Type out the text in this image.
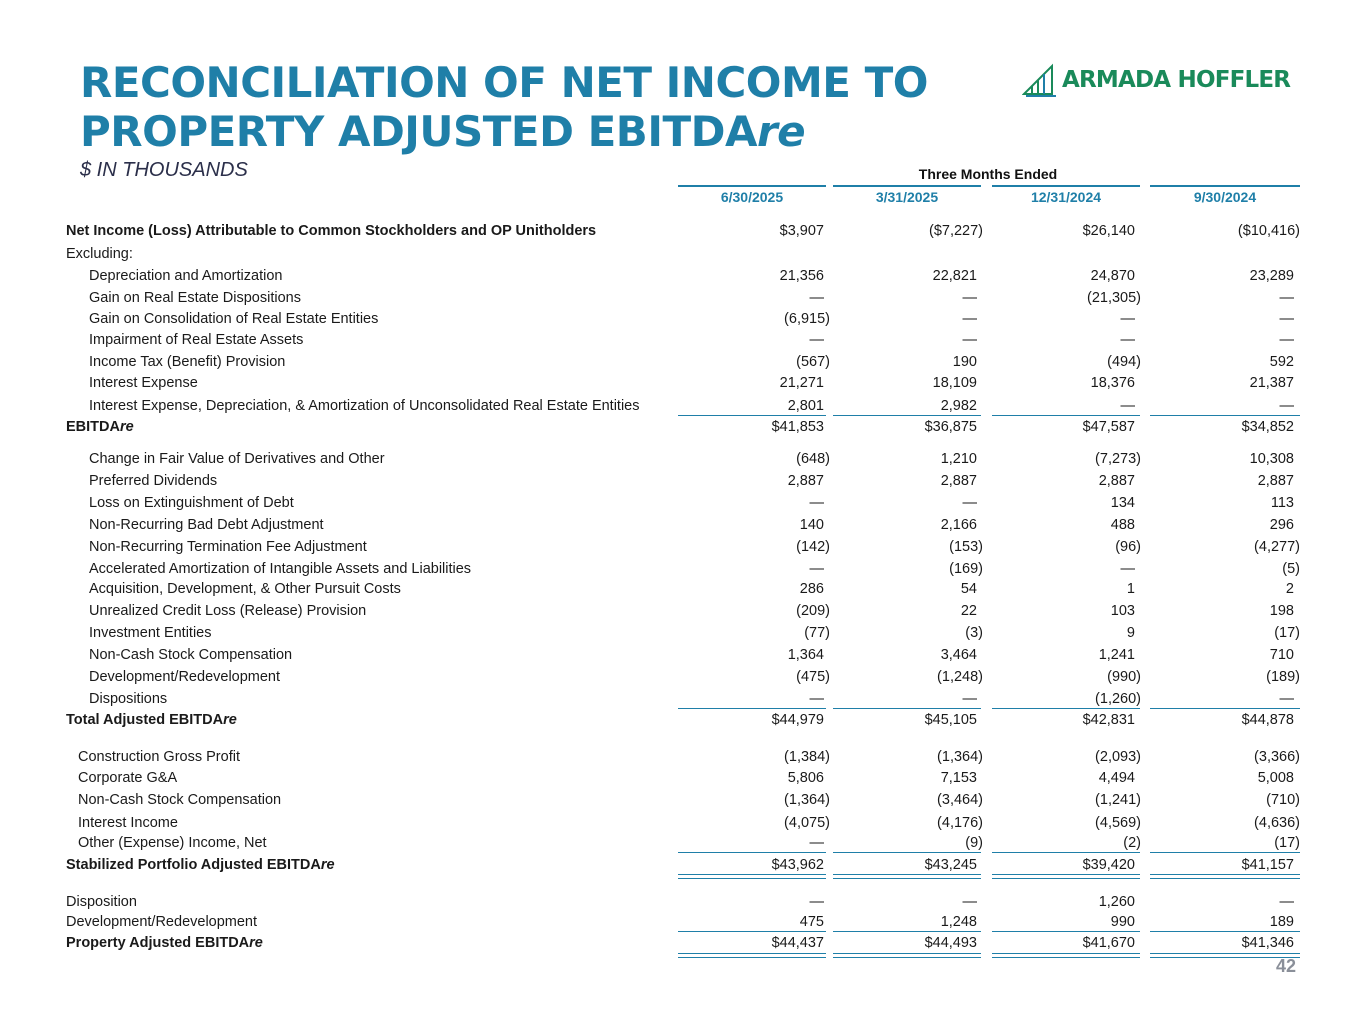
RECONCILIATION OF NET INCOME TO
PROPERTY ADJUSTED EBITDAre
$ IN THOUSANDS
ARMADA HOFFLER
Three Months Ended
6/30/2025	3/31/2025	12/31/2024	9/30/2024
Net Income (Loss) Attributable to Common Stockholders and OP Unitholders	$3,907	($7,227)	$26,140	($10,416)
Excluding:
Depreciation and Amortization	21,356	22,821	24,870	23,289
Gain on Real Estate Dispositions	—	—	(21,305)	—
Gain on Consolidation of Real Estate Entities	(6,915)	—	—	—
Impairment of Real Estate Assets	—	—	—	—
Income Tax (Benefit) Provision	(567)	190	(494)	592
Interest Expense	21,271	18,109	18,376	21,387
Interest Expense, Depreciation, & Amortization of Unconsolidated Real Estate Entities	2,801	2,982	—	—
EBITDAre	$41,853	$36,875	$47,587	$34,852
Change in Fair Value of Derivatives and Other	(648)	1,210	(7,273)	10,308
Preferred Dividends	2,887	2,887	2,887	2,887
Loss on Extinguishment of Debt	—	—	134	113
Non-Recurring Bad Debt Adjustment	140	2,166	488	296
Non-Recurring Termination Fee Adjustment	(142)	(153)	(96)	(4,277)
Accelerated Amortization of Intangible Assets and Liabilities	—	(169)	—	(5)
Acquisition, Development, & Other Pursuit Costs	286	54	1	2
Unrealized Credit Loss (Release) Provision	(209)	22	103	198
Investment Entities	(77)	(3)	9	(17)
Non-Cash Stock Compensation	1,364	3,464	1,241	710
Development/Redevelopment	(475)	(1,248)	(990)	(189)
Dispositions	—	—	(1,260)	—
Total Adjusted EBITDAre	$44,979	$45,105	$42,831	$44,878
Construction Gross Profit	(1,384)	(1,364)	(2,093)	(3,366)
Corporate G&A	5,806	7,153	4,494	5,008
Non-Cash Stock Compensation	(1,364)	(3,464)	(1,241)	(710)
Interest Income	(4,075)	(4,176)	(4,569)	(4,636)
Other (Expense) Income, Net	—	(9)	(2)	(17)
Stabilized Portfolio Adjusted EBITDAre	$43,962	$43,245	$39,420	$41,157
Disposition	—	—	1,260	—
Development/Redevelopment	475	1,248	990	189
Property Adjusted EBITDAre	$44,437	$44,493	$41,670	$41,346
42
